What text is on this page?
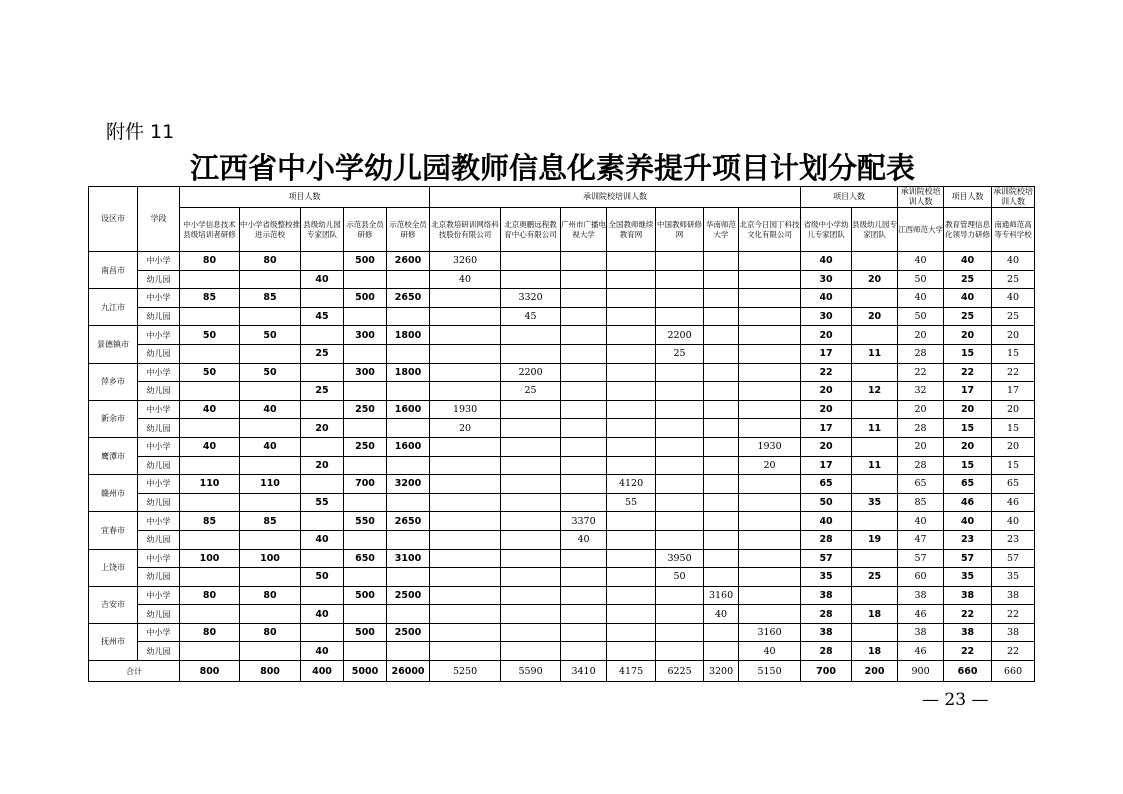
附件 11
江西省中小学幼儿园教师信息化素养提升项目计划分配表
设区市	学段	项目人数					承训院校培训人数							项目人数		承训院校培训人数	项目人数	承训院校培训人数
		中小学信息技术县级培训者研修	中小学省级整校推进示范校	县级幼儿园专家团队	示范县全员研修	示范校全员研修	北京教培研训网络科技股份有限公司	北京奥鹏远程教育中心有限公司	广州市广播电视大学	全国教师继续教育网	中国教师研修网	华南师范大学	北京今日园丁科技文化有限公司	省级中小学幼儿专家团队	县级幼儿园专家团队	江西师范大学	教育管理信息化领导力研修	南通师范高等专科学校
南昌市	中小学	80	80		500	2600	3260							40		40	40	40
	幼儿园			40			40							30	20	50	25	25
九江市	中小学	85	85		500	2650		3320						40		40	40	40
	幼儿园			45				45						30	20	50	25	25
景德镇市	中小学	50	50		300	1800					2200			20		20	20	20
	幼儿园			25							25			17	11	28	15	15
萍乡市	中小学	50	50		300	1800		2200						22		22	22	22
	幼儿园			25				25						20	12	32	17	17
新余市	中小学	40	40		250	1600	1930							20		20	20	20
	幼儿园			20			20							17	11	28	15	15
鹰潭市	中小学	40	40		250	1600							1930	20		20	20	20
	幼儿园			20									20	17	11	28	15	15
赣州市	中小学	110	110		700	3200				4120				65		65	65	65
	幼儿园			55						55				50	35	85	46	46
宜春市	中小学	85	85		550	2650			3370					40		40	40	40
	幼儿园			40					40					28	19	47	23	23
上饶市	中小学	100	100		650	3100					3950			57		57	57	57
	幼儿园			50							50			35	25	60	35	35
吉安市	中小学	80	80		500	2500						3160		38		38	38	38
	幼儿园			40								40		28	18	46	22	22
抚州市	中小学	80	80		500	2500							3160	38		38	38	38
	幼儿园			40									40	28	18	46	22	22
合计		800	800	400	5000	26000	5250	5590	3410	4175	6225	3200	5150	700	200	900	660	660
— 23 —
